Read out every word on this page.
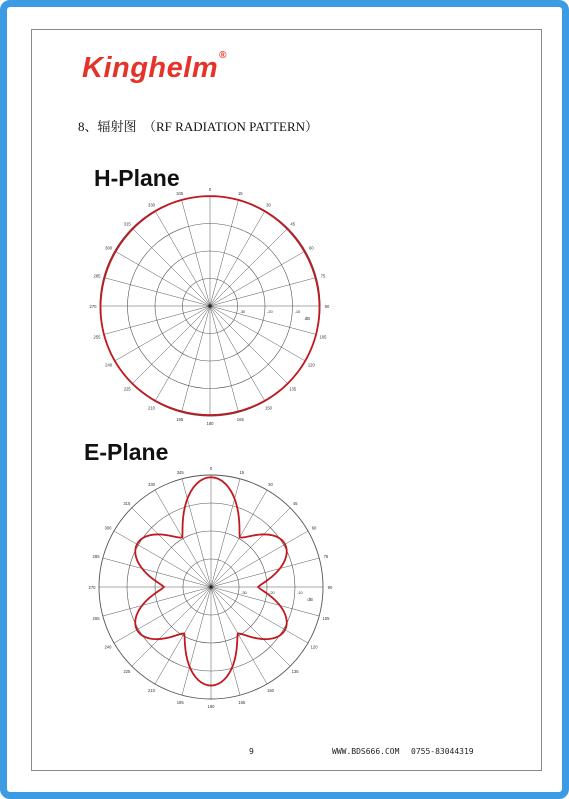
Kinghelm®
8、辐射图　（RF RADIATION PATTERN）
H-Plane	0
15
30
45
60
75
90
105
120
135
150
165
180
195
210
225
240
255
270
285
300
315
330
345
-10
-20
-30
dB
E-Plane
0
15
30
45
60
75
90
105
120
135
150
165
180
195
210
225
240
255
270
285
300
315
330
345
-10
-20
-30
dB
9	WWW.BDS666.COM 0755-83044319
